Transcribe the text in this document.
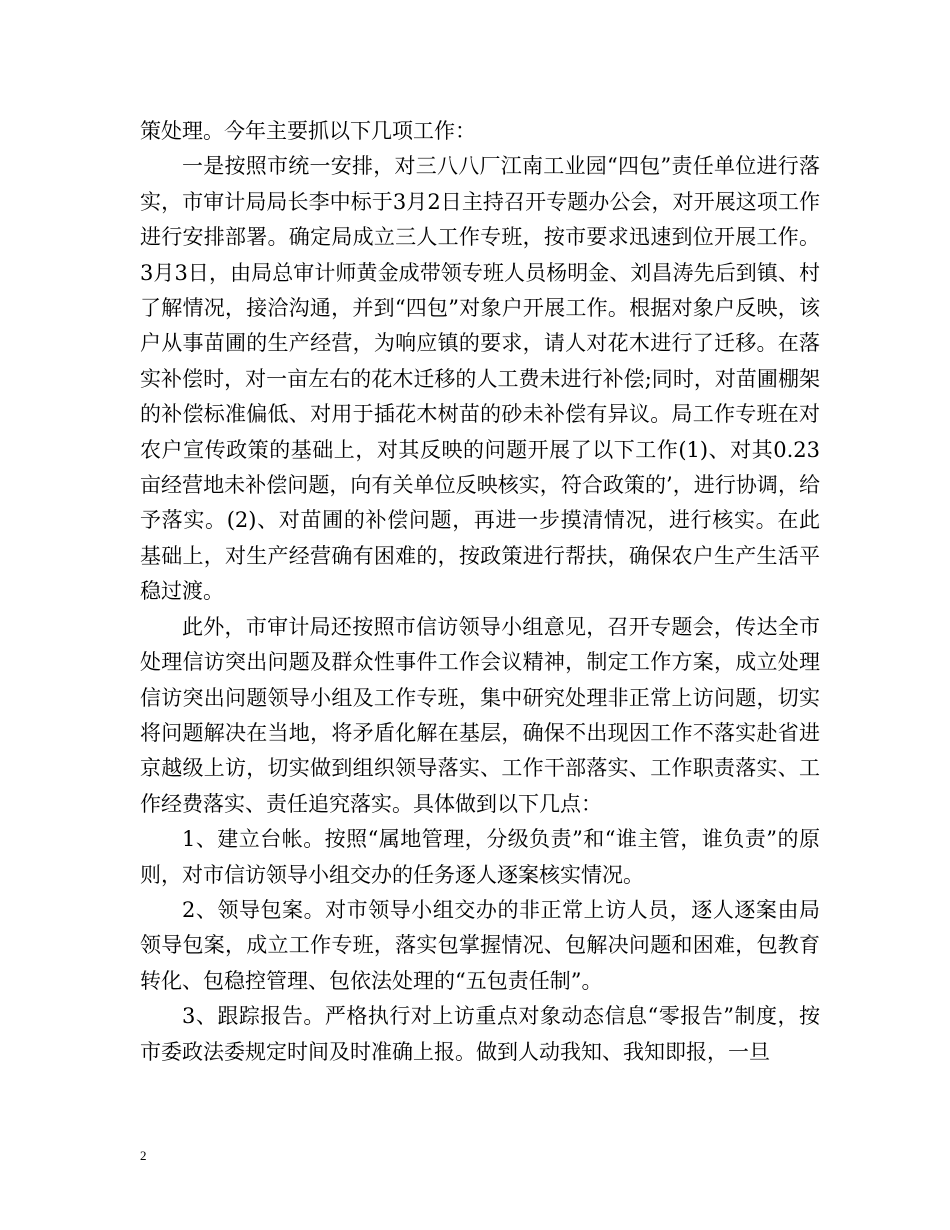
策处理。今年主要抓以下几项工作：

一是按照市统一安排，对三八八厂江南工业园“四包”责任单位进行落实，市审计局局长李中标于3月2日主持召开专题办公会，对开展这项工作进行安排部署。确定局成立三人工作专班，按市要求迅速到位开展工作。3月3日，由局总审计师黄金成带领专班人员杨明金、刘昌涛先后到镇、村了解情况，接洽沟通，并到“四包”对象户开展工作。根据对象户反映，该户从事苗圃的生产经营，为响应镇的要求，请人对花木进行了迁移。在落实补偿时，对一亩左右的花木迁移的人工费未进行补偿;同时，对苗圃棚架的补偿标准偏低、对用于插花木树苗的砂未补偿有异议。局工作专班在对农户宣传政策的基础上，对其反映的问题开展了以下工作(1)、对其0.23亩经营地未补偿问题，向有关单位反映核实，符合政策的’，进行协调，给予落实。(2)、对苗圃的补偿问题，再进一步摸清情况，进行核实。在此基础上，对生产经营确有困难的，按政策进行帮扶，确保农户生产生活平稳过渡。

此外，市审计局还按照市信访领导小组意见，召开专题会，传达全市处理信访突出问题及群众性事件工作会议精神，制定工作方案，成立处理信访突出问题领导小组及工作专班，集中研究处理非正常上访问题，切实将问题解决在当地，将矛盾化解在基层，确保不出现因工作不落实赴省进京越级上访，切实做到组织领导落实、工作干部落实、工作职责落实、工作经费落实、责任追究落实。具体做到以下几点：

1、建立台帐。按照“属地管理，分级负责”和“谁主管，谁负责”的原则，对市信访领导小组交办的任务逐人逐案核实情况。

2、领导包案。对市领导小组交办的非正常上访人员，逐人逐案由局领导包案，成立工作专班，落实包掌握情况、包解决问题和困难，包教育转化、包稳控管理、包依法处理的“五包责任制”。

3、跟踪报告。严格执行对上访重点对象动态信息“零报告”制度，按市委政法委规定时间及时准确上报。做到人动我知、我知即报，一旦

2
